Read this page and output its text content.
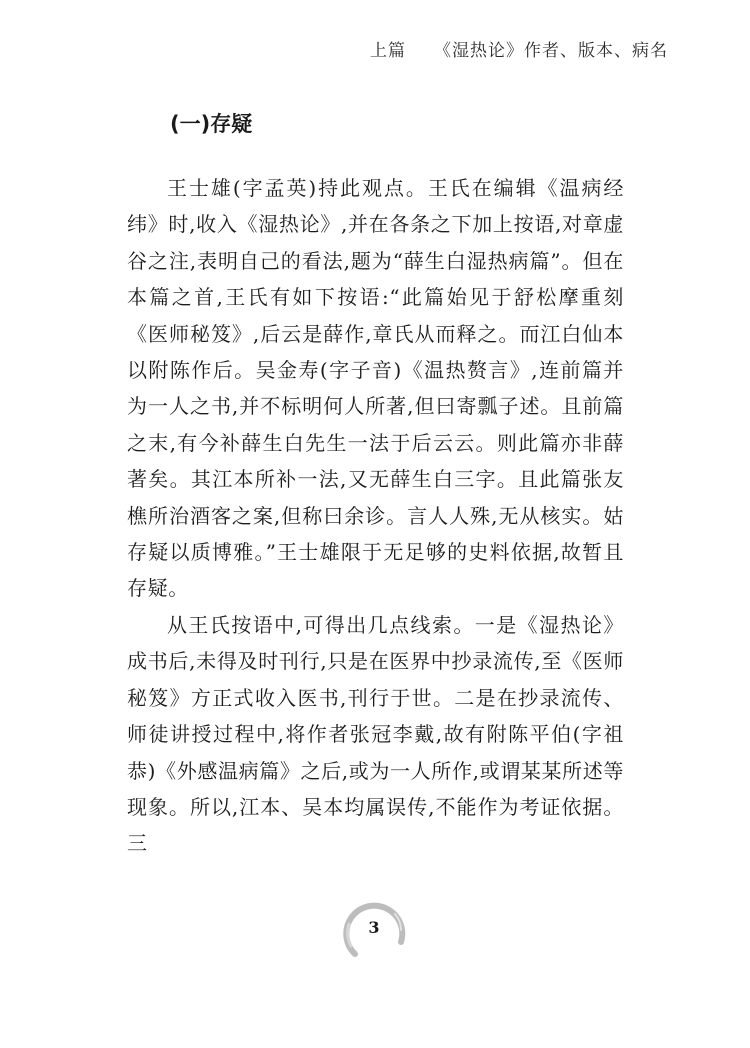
上篇 《湿热论》作者、版本、病名
(一)存疑

王士雄(字孟英)持此观点。王氏在编辑《温病经纬》时,收入《湿热论》,并在各条之下加上按语,对章虚谷之注,表明自己的看法,题为“薛生白湿热病篇”。但在本篇之首,王氏有如下按语:“此篇始见于舒松摩重刻《医师秘笈》,后云是薛作,章氏从而释之。而江白仙本以附陈作后。吴金寿(字子音)《温热赘言》,连前篇并为一人之书,并不标明何人所著,但曰寄瓢子述。且前篇之末,有今补薛生白先生一法于后云云。则此篇亦非薛著矣。其江本所补一法,又无薛生白三字。且此篇张友樵所治酒客之案,但称曰余诊。言人人殊,无从核实。姑存疑以质博雅。”王士雄限于无足够的史料依据,故暂且存疑。

从王氏按语中,可得出几点线索。一是《湿热论》成书后,未得及时刊行,只是在医界中抄录流传,至《医师秘笈》方正式收入医书,刊行于世。二是在抄录流传、师徒讲授过程中,将作者张冠李戴,故有附陈平伯(字祖恭)《外感温病篇》之后,或为一人所作,或谓某某所述等现象。所以,江本、吴本均属误传,不能作为考证依据。三

3
